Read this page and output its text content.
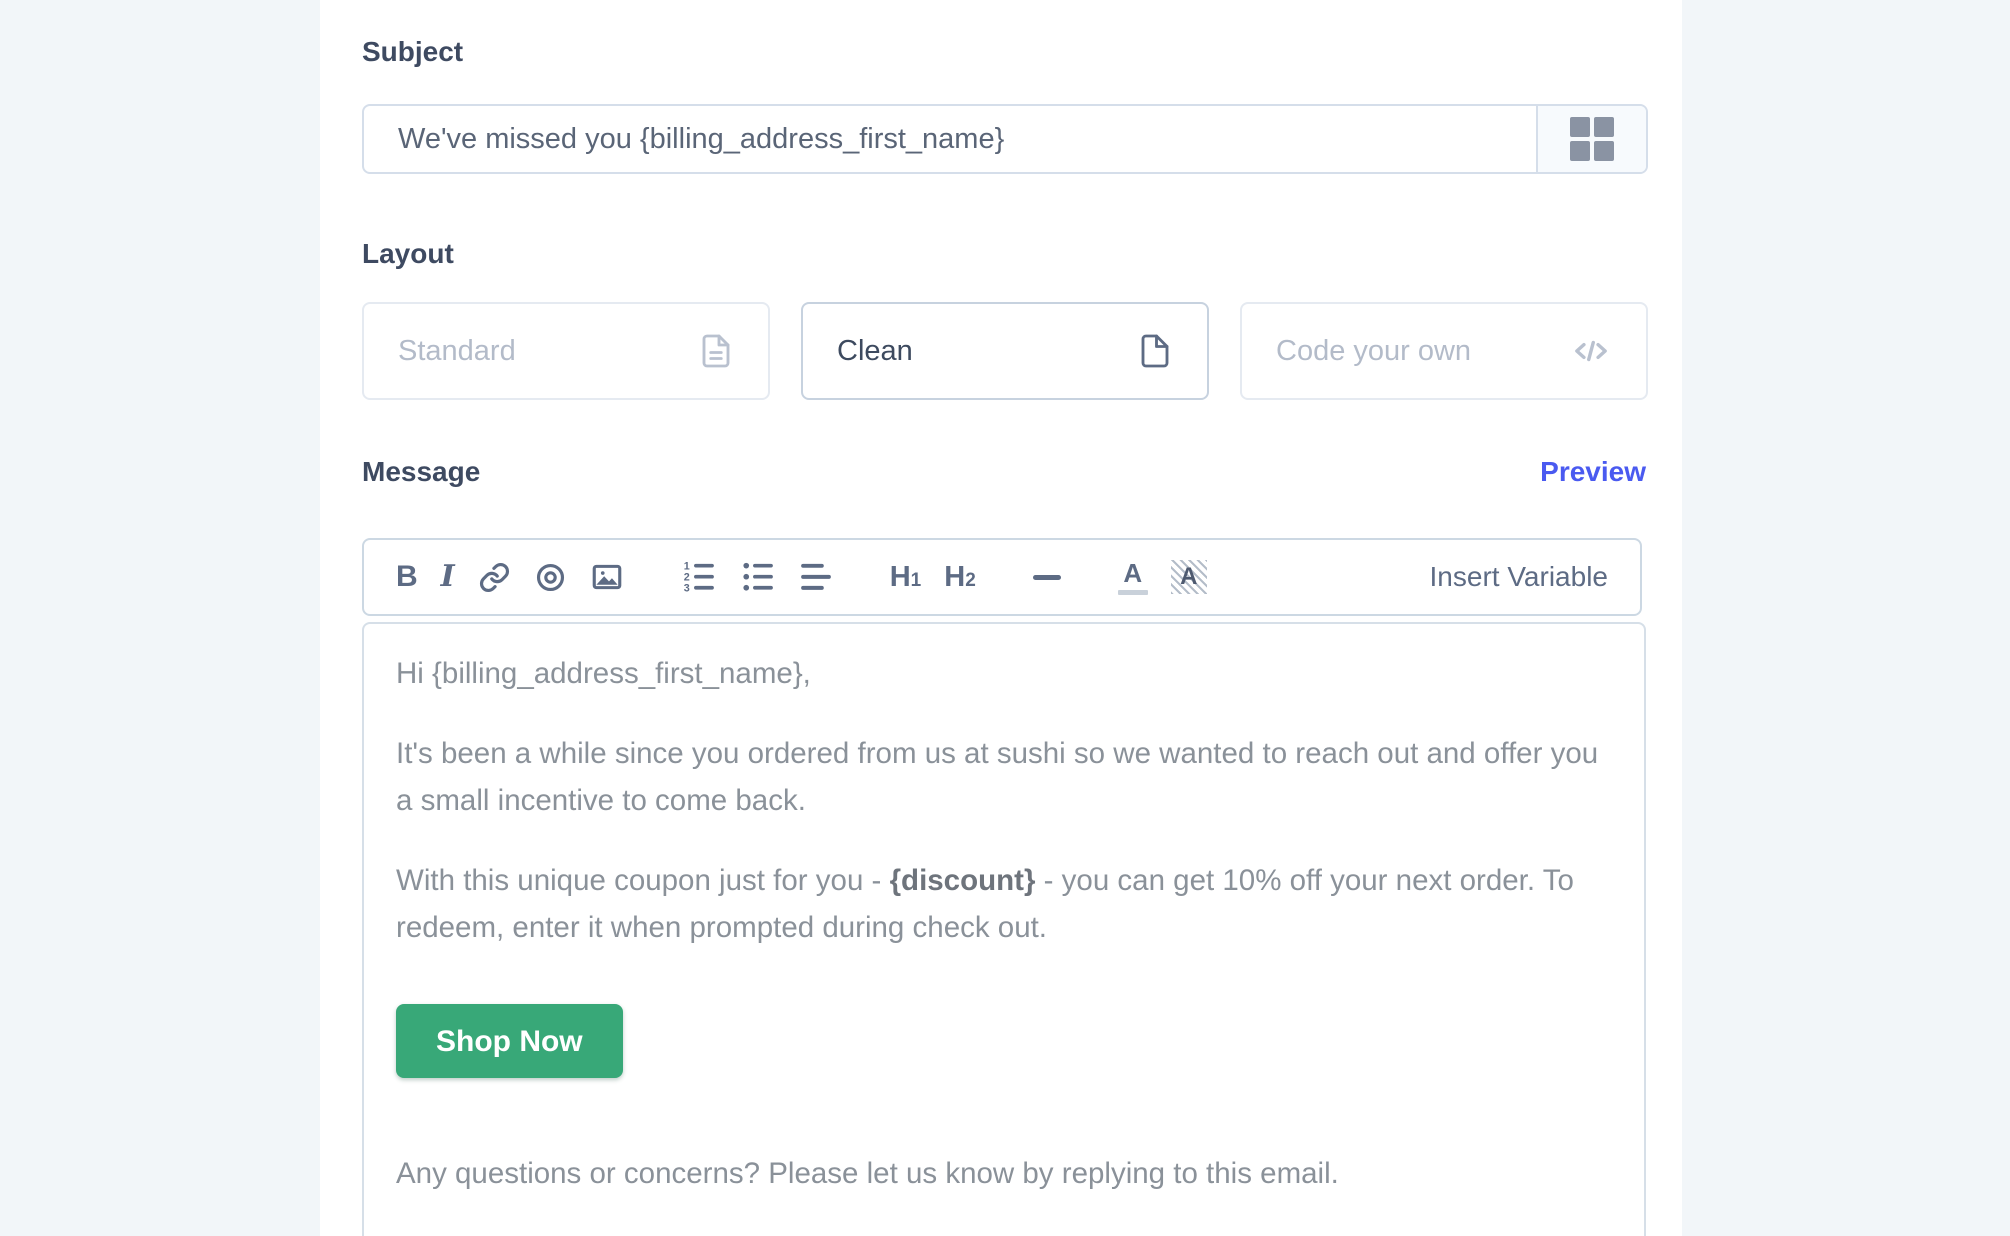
Subject
We've missed you {billing_address_first_name}
Layout
Standard	Clean	Code your own
Message	Preview
B I	1
2
3	H 1 H 2	A A	Insert Variable

Hi {billing_address_first_name},

It's been a while since you ordered from us at sushi so we wanted to reach out and offer you a small incentive to come back.

With this unique coupon just for you - {discount} - you can get 10% off your next order. To redeem, enter it when prompted during check out.

Shop Now

Any questions or concerns? Please let us know by replying to this email.
